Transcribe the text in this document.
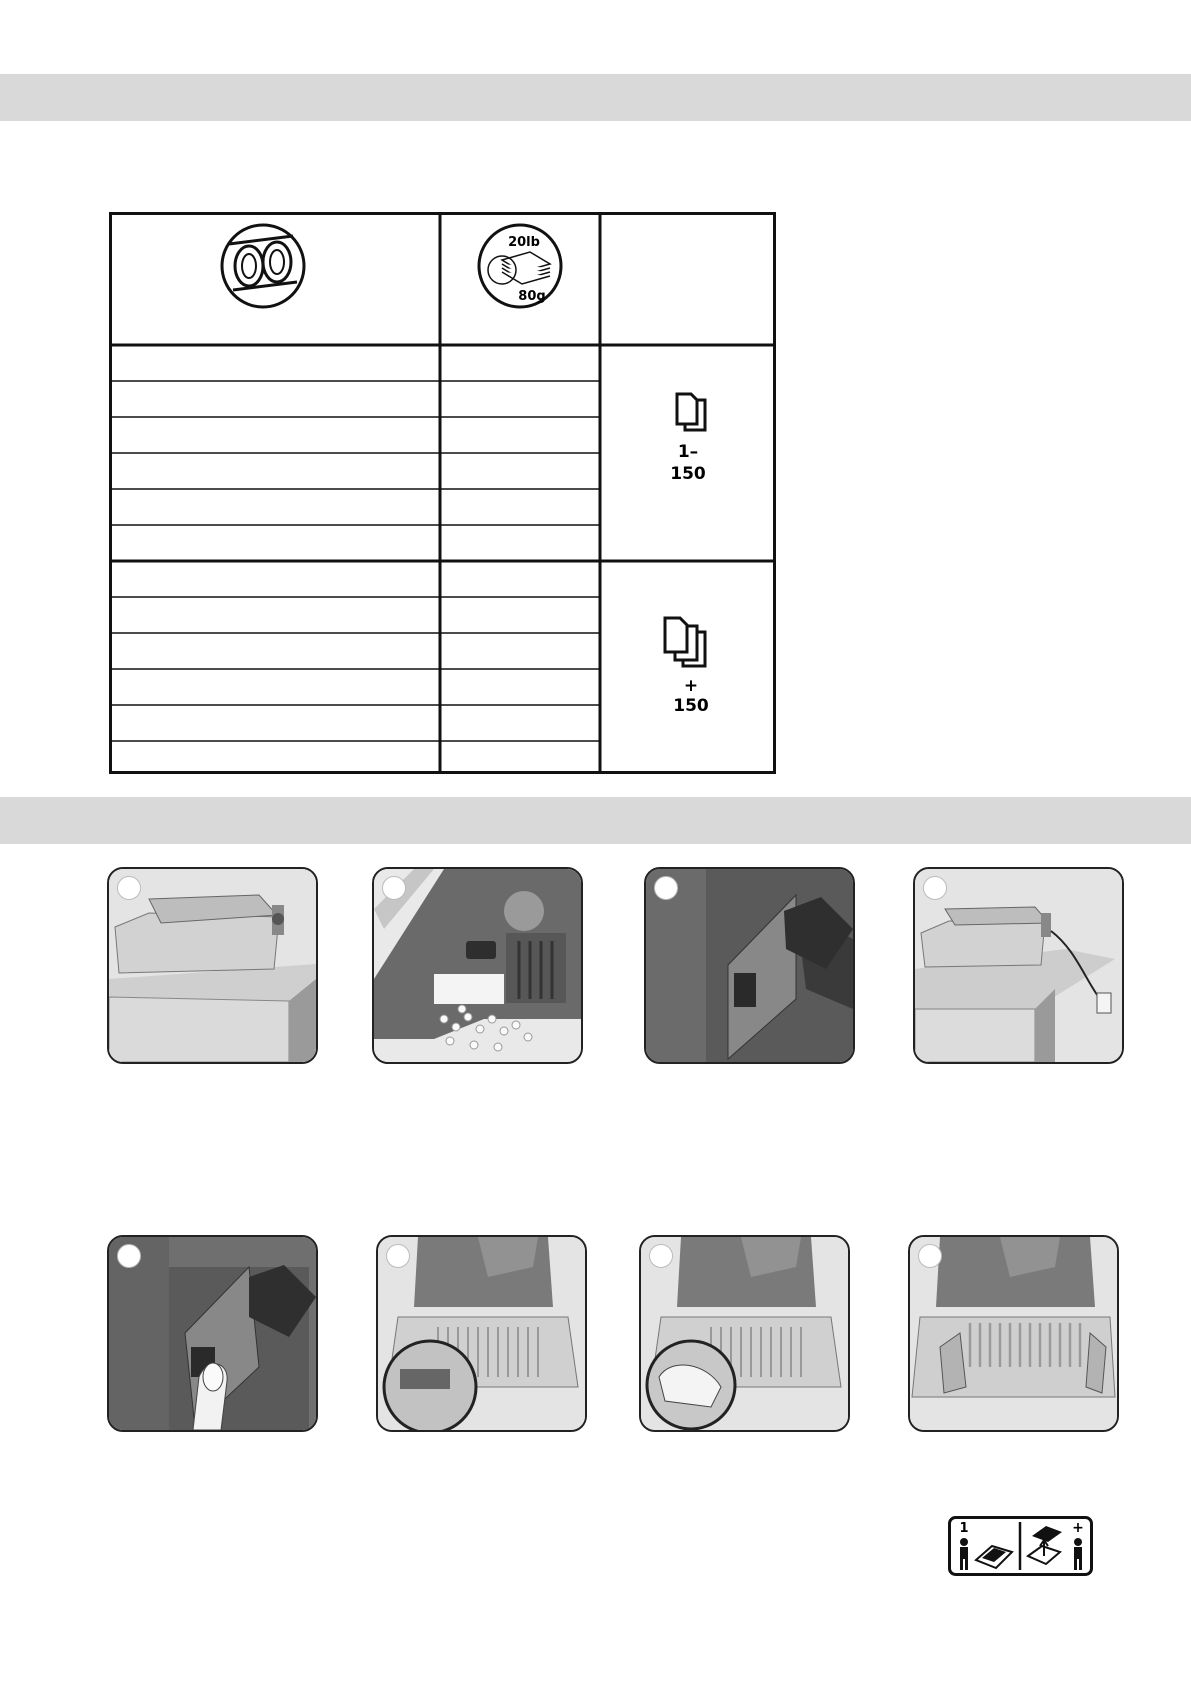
20lb
80g
1–
150
+
150
1	+
